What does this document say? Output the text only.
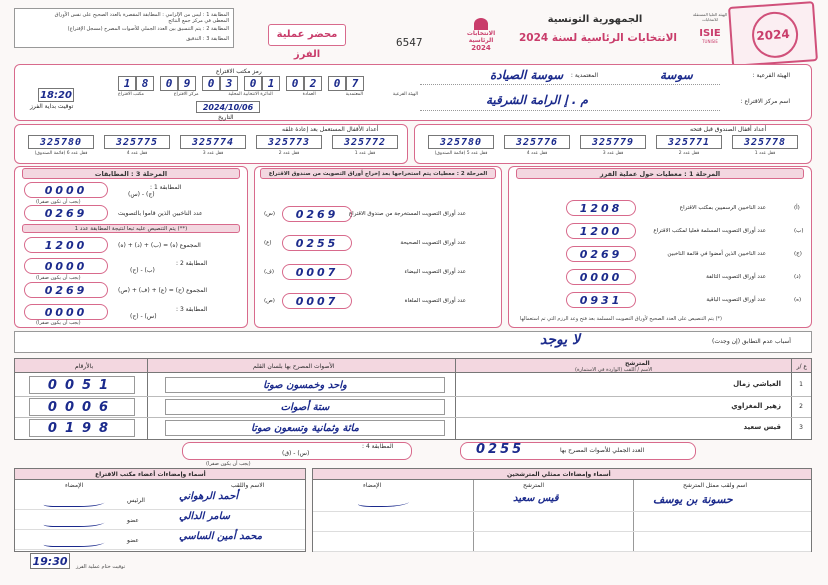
المطابقة 1 : ليس من الإلزامي : المطابقة المقصرة بالعدد الصحيح على نفس الأوراق
المعطى في مركز جمع النتائج
المطابقة 2 : يتم التنسيق بين العدد الجملي للأصوات المصرح (مسجل الإقتراع)
المطابقة 3 : التدقيق	محضر عملية الفرز
6547
الانتخابات
الرئاسية
2024
الجمهورية التونسية
الانتخابات الرئاسية لسنة 2024
الهيئة العليا المستقلة للانتخابات
ISIE
TUNISIE	2024
18:20
توقيت بداية الفرز
رمز مكتب الاقتراع
1	8	0	9	0	3	0	1	0	2	0	7
الهيئة الفرعية
المعتمدية
العمادة
الدائرة الانتخابية المحلية
مركز الاقتراع
مكتب الاقتراع
2024/10/06
التاريخ
الهيئة الفرعية :
سوسة
المعتمدية :
سوسة الصيادة
اسم مركز الاقتراع :
م . إ الرامة الشرقية
أعداد الأقفال المستعمل بعد إعادة غلقه
325780
قفل عدد 6 (قائمة الصندوق)
325775
قفل عدد 4
325774
قفل عدد 3
325773
قفل عدد 2
325772
قفل عدد 1
أعداد أقفال الصندوق قبل فتحه
325780
قفل عدد 5 (قائمة الصندوق)
325776
قفل عدد 4
325779
قفل عدد 3
325771
قفل عدد 2
325778
قفل عدد 1
المرحلة 3 : المطابقات
0000	المطابقة 1 :
(ج) - (س)
(يجب أن تكون صفرا)
0269	عدد الناخبين الذين قاموا بالتصويت
(**) يتم التنصيص عليه تبعا لنتيجة المطابقة عدد 1
1200	المجموع (ه) = (ب) + (د) + (ه)
0000	المطابقة 2 :
(ب) - (ح)
(يجب أن يكون صفرا)
0269	المجموع (ح) = (ع) + (ف) + (ص)
0000	المطابقة 3 :
(س) - (ح)
(يجب أن يكون صفرا)
المرحلة 2 : معطيات يتم استخراجها بعد إخراج أوراق التصويت من صندوق الاقتراع
0269	عدد أوراق التصويت المستخرجة من صندوق الاقتراع
(س)
0255	عدد أوراق التصويت الصحيحة
(ع)
0007	عدد أوراق التصويت البيضاء
(ف)
0007	عدد أوراق التصويت الملغاة
(ص)
المرحلة 1 : معطيات حول عملية الفرز
1208	عدد الناخبين الرسميين بمكتب الاقتراع	(أ)
1200	عدد أوراق التصويت المسلمة فعليا لمكتب الاقتراع	(ب)
0269	عدد الناخبين الذين أمضوا في قائمة الناخبين	(ج)
0000	عدد أوراق التصويت التالفة	(د)
0931	عدد أوراق التصويت الباقية	(ه)
(*) يتم التنصيص على العدد الصحيح لأوراق التصويت المسلمة بعد فتح وعد الرزم التي تم استعمالها
أسباب عدم التطابق (إن وجدت)
لا يوجد
ع /ر
المترشح
الاسم / اللقب (الواردة في الاستمارة)
الأصوات المصرح بها بلسان القلم
بالأرقام
1
العياشي زمال
واحد وخمسون صوتا
0051
2
زهير المغزاوي
ستة أصوات
0006
3
قيس سعيد
مائة وثمانية وتسعون صوتا
0198
العدد الجملي للأصوات المصرح بها
0255
المطابقة 4 :
(س) - (ق)
(يجب أن يكون صفرا)
أسماء وإمضاءات أعضاء مكتب الاقتراع
الاسم واللقب
الإمضاء
الرئيس	أحمد الرهواني
عضو	سامر الدالي
عضو	محمد أمين الساسي
أسماء وإمضاءات ممثلي المترشحين
اسم ولقب ممثل المترشح
المترشح
الإمضاء
حسونة بن يوسف
قيس سعيد
19:30	توقيت ختام عملية الفرز
